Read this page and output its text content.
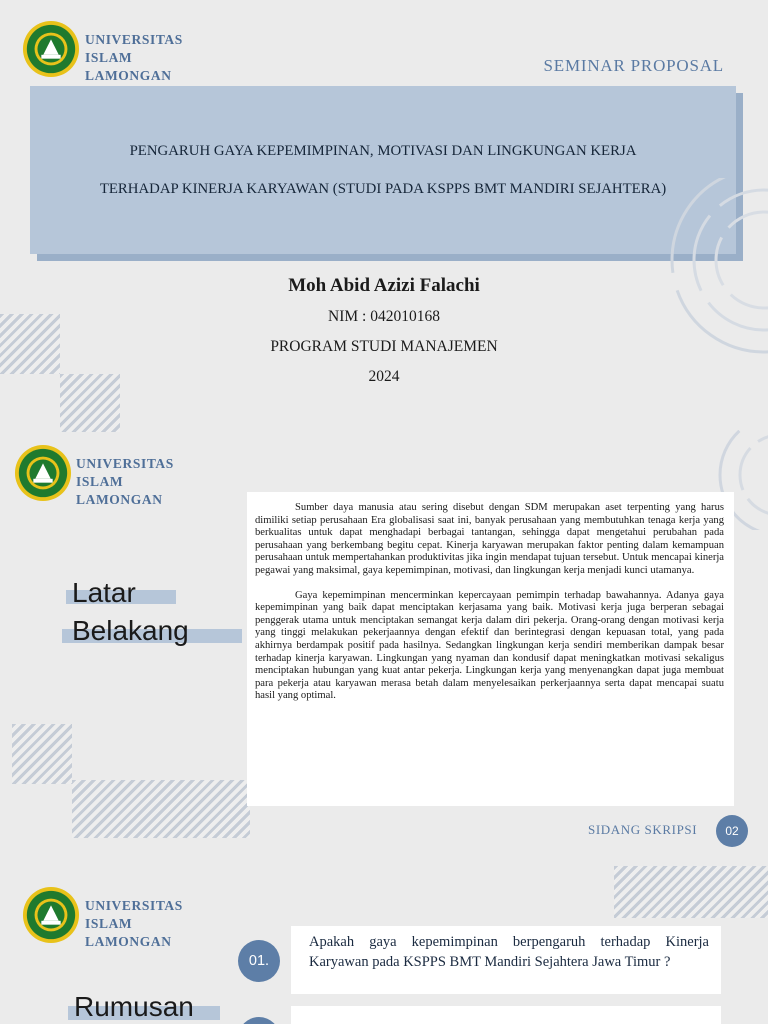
UNIVERSITAS
ISLAM
LAMONGAN
SEMINAR PROPOSAL
PENGARUH GAYA KEPEMIMPINAN, MOTIVASI DAN LINGKUNGAN KERJA
TERHADAP KINERJA KARYAWAN (STUDI PADA KSPPS BMT MANDIRI SEJAHTERA)
Moh Abid Azizi Falachi
NIM : 042010168
PROGRAM STUDI MANAJEMEN
2024
UNIVERSITAS
ISLAM
LAMONGAN
Latar
Belakang

Sumber daya manusia atau sering disebut dengan SDM merupakan aset terpenting yang harus dimiliki setiap perusahaan Era globalisasi saat ini, banyak perusahaan yang membutuhkan tenaga kerja yang berkualitas untuk dapat menghadapi berbagai tantangan, sehingga dapat mengetahui perubahan pada perusahaan yang berkembang begitu cepat. Kinerja karyawan merupakan faktor penting dalam kemampuan perusahaan untuk mempertahankan produktivitas jika ingin mendapat tujuan tersebut. Untuk mencapai kinerja pegawai yang maksimal, gaya kepemimpinan, motivasi, dan lingkungan kerja menjadi kunci utamanya.

Gaya kepemimpinan mencerminkan kepercayaan pemimpin terhadap bawahannya. Adanya gaya kepemimpinan yang baik dapat menciptakan kerjasama yang baik. Motivasi kerja juga berperan sebagai penggerak utama untuk menciptakan semangat kerja dalam diri pekerja. Orang-orang dengan motivasi kerja yang tinggi melakukan pekerjaannya dengan efektif dan berintegrasi dengan kepuasan total, yang pada akhirnya berdampak positif pada hasilnya. Sedangkan lingkungan kerja sendiri memberikan dampak besar terhadap kinerja karyawan. Lingkungan yang nyaman dan kondusif dapat meningkatkan motivasi sekaligus menciptakan hubungan yang kuat antar pekerja. Lingkungan kerja yang menyenangkan dapat juga membuat para pekerja atau karyawan merasa betah dalam menyelesaikan perkerjaannya serta dapat mencapai suatu hasil yang optimal.

SIDANG SKRIPSI	02
UNIVERSITAS
ISLAM
LAMONGAN
Rumusan
01.
Apakah gaya kepemimpinan berpengaruh terhadap Kinerja Karyawan pada KSPPS BMT Mandiri Sejahtera Jawa Timur ?
